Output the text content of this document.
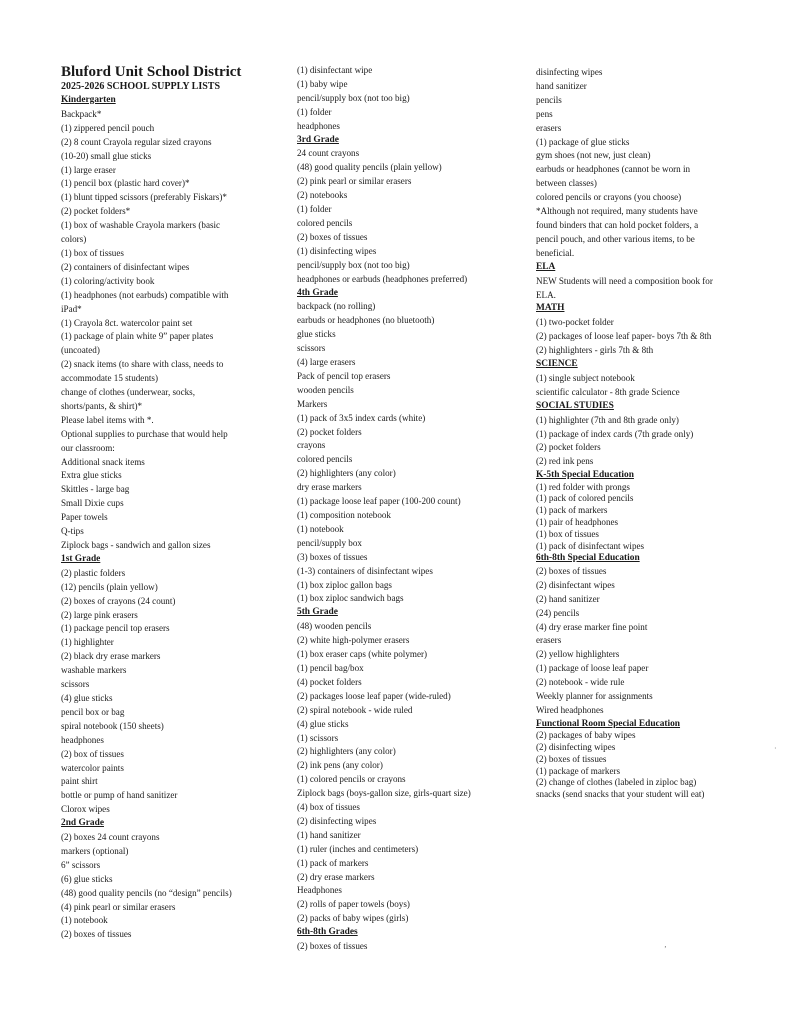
Bluford Unit School District

2025-2026 SCHOOL SUPPLY LISTS

Kindergarten

Backpack*

(1) zippered pencil pouch

(2) 8 count Crayola regular sized crayons

(10-20) small glue sticks

(1) large eraser

(1) pencil box (plastic hard cover)*

(1) blunt tipped scissors (preferably Fiskars)*

(2) pocket folders*

(1) box of washable Crayola markers (basic

colors)

(1) box of tissues

(2) containers of disinfectant wipes

(1) coloring/activity book

(1) headphones (not earbuds) compatible with

iPad*

(1) Crayola 8ct. watercolor paint set

(1) package of plain white 9” paper plates

(uncoated)

(2) snack items (to share with class, needs to

accommodate 15 students)

change of clothes (underwear, socks,

shorts/pants, & shirt)*

Please label items with *.

Optional supplies to purchase that would help

our classroom:

Additional snack items

Extra glue sticks

Skittles - large bag

Small Dixie cups

Paper towels

Q-tips

Ziplock bags - sandwich and gallon sizes

1st Grade

(2) plastic folders

(12) pencils (plain yellow)

(2) boxes of crayons (24 count)

(2) large pink erasers

(1) package pencil top erasers

(1) highlighter

(2) black dry erase markers

washable markers

scissors

(4) glue sticks

pencil box or bag

spiral notebook (150 sheets)

headphones

(2) box of tissues

watercolor paints

paint shirt

bottle or pump of hand sanitizer

Clorox wipes

2nd Grade

(2) boxes 24 count crayons

markers (optional)

6” scissors

(6) glue sticks

(48) good quality pencils (no “design” pencils)

(4) pink pearl or similar erasers

(1) notebook

(2) boxes of tissues

(1) disinfectant wipe

(1) baby wipe

pencil/supply box (not too big)

(1) folder

headphones

3rd Grade

24 count crayons

(48) good quality pencils (plain yellow)

(2) pink pearl or similar erasers

(2) notebooks

(1) folder

colored pencils

(2) boxes of tissues

(1) disinfecting wipes

pencil/supply box (not too big)

headphones or earbuds (headphones preferred)

4th Grade

backpack (no rolling)

earbuds or headphones (no bluetooth)

glue sticks

scissors

(4) large erasers

Pack of pencil top erasers

wooden pencils

Markers

(1) pack of 3x5 index cards (white)

(2) pocket folders

crayons

colored pencils

(2) highlighters (any color)

dry erase markers

(1) package loose leaf paper (100-200 count)

(1) composition notebook

(1) notebook

pencil/supply box

(3) boxes of tissues

(1-3) containers of disinfectant wipes

(1) box ziploc gallon bags

(1) box ziploc sandwich bags

5th Grade

(48) wooden pencils

(2) white high-polymer erasers

(1) box eraser caps (white polymer)

(1) pencil bag/box

(4) pocket folders

(2) packages loose leaf paper (wide-ruled)

(2) spiral notebook - wide ruled

(4) glue sticks

(1) scissors

(2) highlighters (any color)

(2) ink pens (any color)

(1) colored pencils or crayons

Ziplock bags (boys-gallon size, girls-quart size)

(4) box of tissues

(2) disinfecting wipes

(1) hand sanitizer

(1) ruler (inches and centimeters)

(1) pack of markers

(2) dry erase markers

Headphones

(2) rolls of paper towels (boys)

(2) packs of baby wipes (girls)

6th-8th Grades

(2) boxes of tissues

disinfecting wipes

hand sanitizer

pencils

pens

erasers

(1) package of glue sticks

gym shoes (not new, just clean)

earbuds or headphones (cannot be worn in

between classes)

colored pencils or crayons (you choose)

*Although not required, many students have

found binders that can hold pocket folders, a

pencil pouch, and other various items, to be

beneficial.

ELA

NEW Students will need a composition book for

ELA.

MATH

(1) two-pocket folder

(2) packages of loose leaf paper- boys 7th & 8th

(2) highlighters - girls 7th & 8th

SCIENCE

(1) single subject notebook

scientific calculator - 8th grade Science

SOCIAL STUDIES

(1) highlighter (7th and 8th grade only)

(1) package of index cards (7th grade only)

(2) pocket folders

(2) red ink pens

K-5th Special Education

(1) red folder with prongs

(1) pack of colored pencils

(1) pack of markers

(1) pair of headphones

(1) box of tissues

(1) pack of disinfectant wipes

6th-8th Special Education

(2) boxes of tissues

(2) disinfectant wipes

(2) hand sanitizer

(24) pencils

(4) dry erase marker fine point

erasers

(2) yellow highlighters

(1) package of loose leaf paper

(2) notebook - wide rule

Weekly planner for assignments

Wired headphones

Functional Room Special Education

(2) packages of baby wipes

(2) disinfecting wipes

(2) boxes of tissues

(1) package of markers

(2) change of clothes (labeled in ziploc bag)

snacks (send snacks that your student will eat)

·
‚
